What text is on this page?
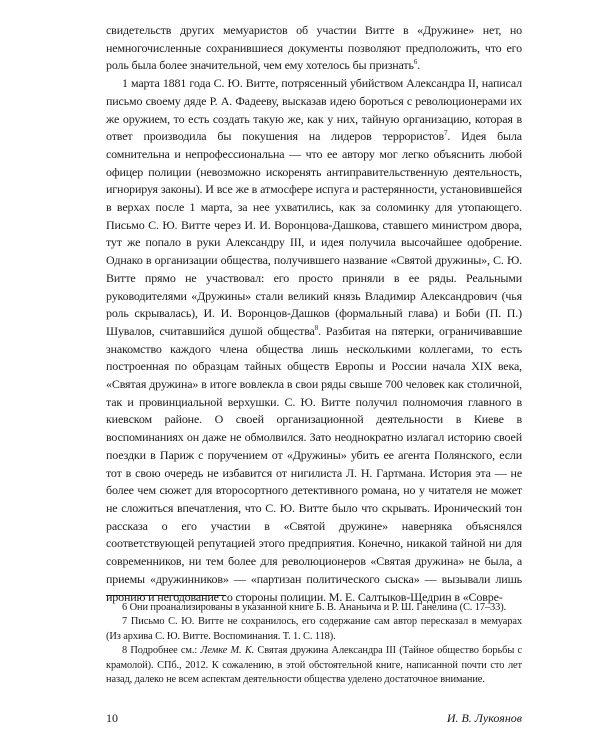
свидетельств других мемуаристов об участии Витте в «Дружине» нет, но немногочисленные сохранившиеся документы позволяют предположить, что его роль была более значительной, чем ему хотелось бы признать$^6$.

1 марта 1881 года С. Ю. Витте, потрясенный убийством Александра II, написал письмо своему дяде Р. А. Фадееву, высказав идею бороться с революционерами их же оружием, то есть создать такую же, как у них, тайную организацию, которая в ответ производила бы покушения на лидеров террористов$^7$. Идея была сомнительна и непрофессиональна — что ее автору мог легко объяснить любой офицер полиции (невозможно искоренять антиправительственную деятельность, игнорируя законы). И все же в атмосфере испуга и растерянности, установившейся в верхах после 1 марта, за нее ухватились, как за соломинку для утопающего. Письмо С. Ю. Витте через И. И. Воронцова-Дашкова, ставшего министром двора, тут же попало в руки Александру III, и идея получила высочайшее одобрение. Однако в организации общества, получившего название «Святой дружины», С. Ю. Витте прямо не участвовал: его просто приняли в ее ряды. Реальными руководителями «Дружины» стали великий князь Владимир Александрович (чья роль скрывалась), И. И. Воронцов-Дашков (формальный глава) и Боби (П. П.) Шувалов, считавшийся душой общества$^8$. Разбитая на пятерки, ограничивавшие знакомство каждого члена общества лишь несколькими коллегами, то есть построенная по образцам тайных обществ Европы и России начала XIX века, «Святая дружина» в итоге вовлекла в свои ряды свыше 700 человек как столичной, так и провинциальной верхушки. С. Ю. Витте получил полномочия главного в киевском районе. О своей организационной деятельности в Киеве в воспоминаниях он даже не обмолвился. Зато неоднократно излагал историю своей поездки в Париж с поручением от «Дружины» убить ее агента Полянского, если тот в свою очередь не избавится от нигилиста Л. Н. Гартмана. История эта — не более чем сюжет для второсортного детективного романа, но у читателя не может не сложиться впечатления, что С. Ю. Витте было что скрывать. Иронический тон рассказа о его участии в «Святой дружине» наверняка объяснялся соответствующей репутацией этого предприятия. Конечно, никакой тайной ни для современников, ни тем более для революционеров «Святая дружина» не была, а приемы «дружинников» — «партизан политического сыска» — вызывали лишь иронию и негодование со стороны полиции. М. Е. Салтыков-Щедрин в «Совре-

6 Они проанализированы в указанной книге Б. В. Ананьича и Р. Ш. Ганелина (С. 17–33).

7 Письмо С. Ю. Витте не сохранилось, его содержание сам автор пересказал в мемуарах (Из архива С. Ю. Витте. Воспоминания. Т. 1. С. 118).

8 Подробнее см.: Лемке М. К. Святая дружина Александра III (Тайное общество борьбы с крамолой). СПб., 2012. К сожалению, в этой обстоятельной книге, написанной почти сто лет назад, далеко не всем аспектам деятельности общества уделено достаточное внимание.

10	И. В. Лукоянов
